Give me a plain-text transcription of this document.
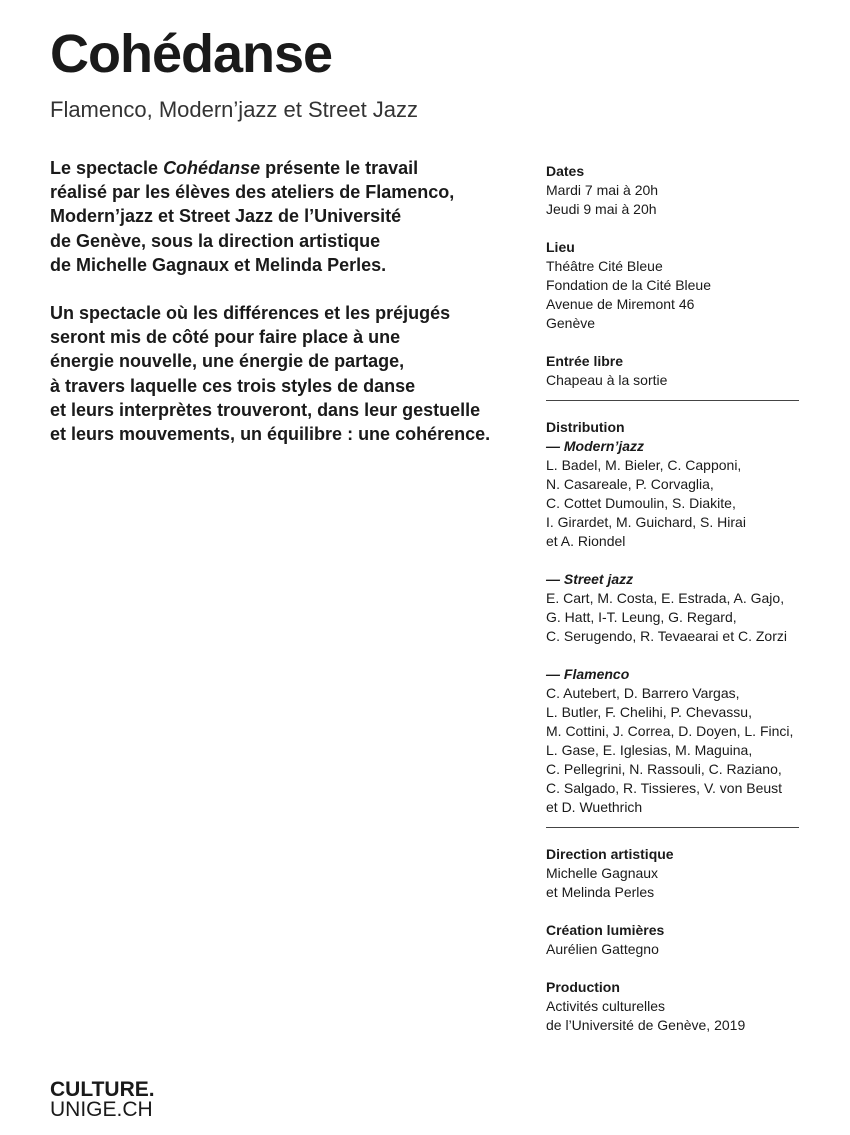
Cohédanse
Flamenco, Modern’jazz et Street Jazz

Le spectacle Cohédanse présente le travail
réalisé par les élèves des ateliers de Flamenco,
Modern’jazz et Street Jazz de l’Université
de Genève, sous la direction artistique
de Michelle Gagnaux et Melinda Perles.

Un spectacle où les différences et les préjugés
seront mis de côté pour faire place à une
énergie nouvelle, une énergie de partage,
à travers laquelle ces trois styles de danse
et leurs interprètes trouveront, dans leur gestuelle
et leurs mouvements, un équilibre : une cohérence.

Dates
Mardi 7 mai à 20h
Jeudi 9 mai à 20h
Lieu
Théâtre Cité Bleue
Fondation de la Cité Bleue
Avenue de Miremont 46
Genève
Entrée libre
Chapeau à la sortie
Distribution
— Modern’jazz
L. Badel, M. Bieler, C. Capponi,
N. Casareale, P. Corvaglia,
C. Cottet Dumoulin, S. Diakite,
I. Girardet, M. Guichard, S. Hirai
et A. Riondel
— Street jazz
E. Cart, M. Costa, E. Estrada, A. Gajo,
G. Hatt, I-T. Leung, G. Regard,
C. Serugendo, R. Tevaearai et C. Zorzi
— Flamenco
C. Autebert, D. Barrero Vargas,
L. Butler, F. Chelihi, P. Chevassu,
M. Cottini, J. Correa, D. Doyen, L. Finci,
L. Gase, E. Iglesias, M. Maguina,
C. Pellegrini, N. Rassouli, C. Raziano,
C. Salgado, R. Tissieres, V. von Beust
et D. Wuethrich
Direction artistique
Michelle Gagnaux
et Melinda Perles
Création lumières
Aurélien Gattegno
Production
Activités culturelles
de l’Université de Genève, 2019
CULTURE.
UNIGE.CH
